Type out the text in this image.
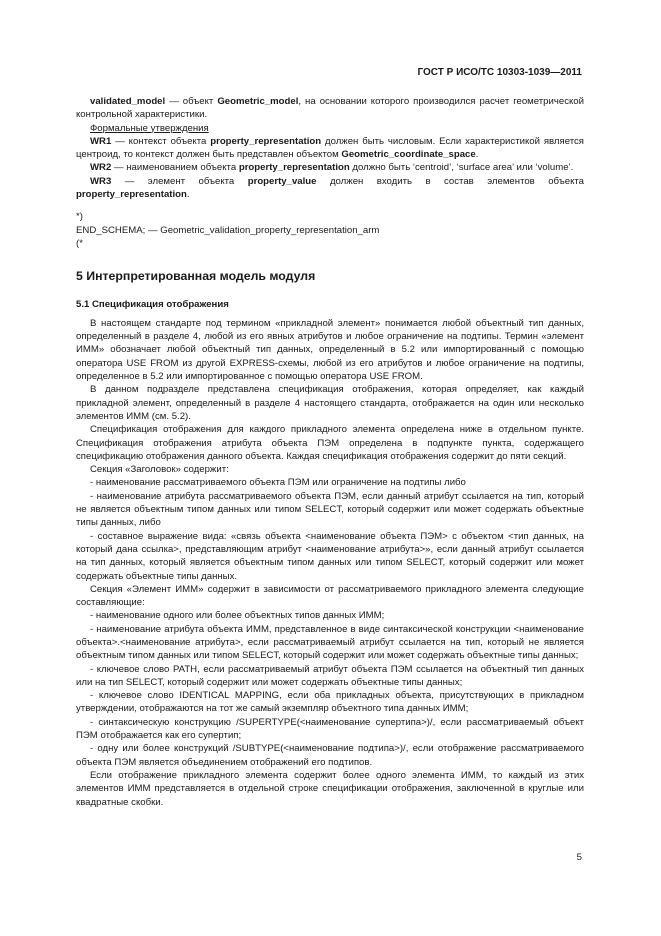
ГОСТ Р ИСО/ТС 10303-1039—2011

validated_model — объект Geometric_model, на основании которого производился расчет геометрической контрольной характеристики.

Формальные утверждения

WR1 — контекст объекта property_representation должен быть числовым. Если характеристикой является центроид, то контекст должен быть представлен объектом Geometric_coordinate_space.

WR2 — наименованием объекта property_representation должно быть ‘centroid’, ‘surface area’ или ‘volume’.

WR3 — элемент объекта property_value должен входить в состав элементов объекта property_representation.

*)

END_SCHEMA; — Geometric_validation_property_representation_arm

(*

5 Интерпретированная модель модуля

5.1 Спецификация отображения

В настоящем стандарте под термином «прикладной элемент» понимается любой объектный тип данных, определенный в разделе 4, любой из его явных атрибутов и любое ограничение на подтипы. Термин «элемент ИММ» обозначает любой объектный тип данных, определенный в 5.2 или импортированный с помощью оператора USE FROM из другой EXPRESS-схемы, любой из его атрибутов и любое ограничение на подтипы, определенное в 5.2 или импортированное с помощью оператора USE FROM.

В данном подразделе представлена спецификация отображения, которая определяет, как каждый прикладной элемент, определенный в разделе 4 настоящего стандарта, отображается на один или несколько элементов ИММ (см. 5.2).

Спецификация отображения для каждого прикладного элемента определена ниже в отдельном пункте. Спецификация отображения атрибута объекта ПЭМ определена в подпункте пункта, содержащего спецификацию отображения данного объекта. Каждая спецификация отображения содержит до пяти секций.

Секция «Заголовок» содержит:

- наименование рассматриваемого объекта ПЭМ или ограничение на подтипы либо

- наименование атрибута рассматриваемого объекта ПЭМ, если данный атрибут ссылается на тип, который не является объектным типом данных или типом SELECT, который содержит или может содержать объектные типы данных, либо

- составное выражение вида: «связь объекта <наименование объекта ПЭМ> с объектом <тип данных, на который дана ссылка>, представляющим атрибут <наименование атрибута>», если данный атрибут ссылается на тип данных, который является объектным типом данных или типом SELECT, который содержит или может содержать объектные типы данных.

Секция «Элемент ИММ» содержит в зависимости от рассматриваемого прикладного элемента следующие составляющие:

- наименование одного или более объектных типов данных ИММ;

- наименование атрибута объекта ИММ, представленное в виде синтаксической конструкции <наименование объекта>.<наименование атрибута>, если рассматриваемый атрибут ссылается на тип, который не является объектным типом данных или типом SELECT, который содержит или может содержать объектные типы данных;

- ключевое слово PATH, если рассматриваемый атрибут объекта ПЭМ ссылается на объектный тип данных или на тип SELECT, который содержит или может содержать объектные типы данных;

- ключевое слово IDENTICAL MAPPING, если оба прикладных объекта, присутствующих в прикладном утверждении, отображаются на тот же самый экземпляр объектного типа данных ИММ;

- синтаксическую конструкцию /SUPERTYPE(<наименование супертипа>)/, если рассматриваемый объект ПЭМ отображается как его супертип;

- одну или более конструкций /SUBTYPE(<наименование подтипа>)/, если отображение рассматриваемого объекта ПЭМ является объединением отображений его подтипов.

Если отображение прикладного элемента содержит более одного элемента ИММ, то каждый из этих элементов ИММ представляется в отдельной строке спецификации отображения, заключенной в круглые или квадратные скобки.

5
